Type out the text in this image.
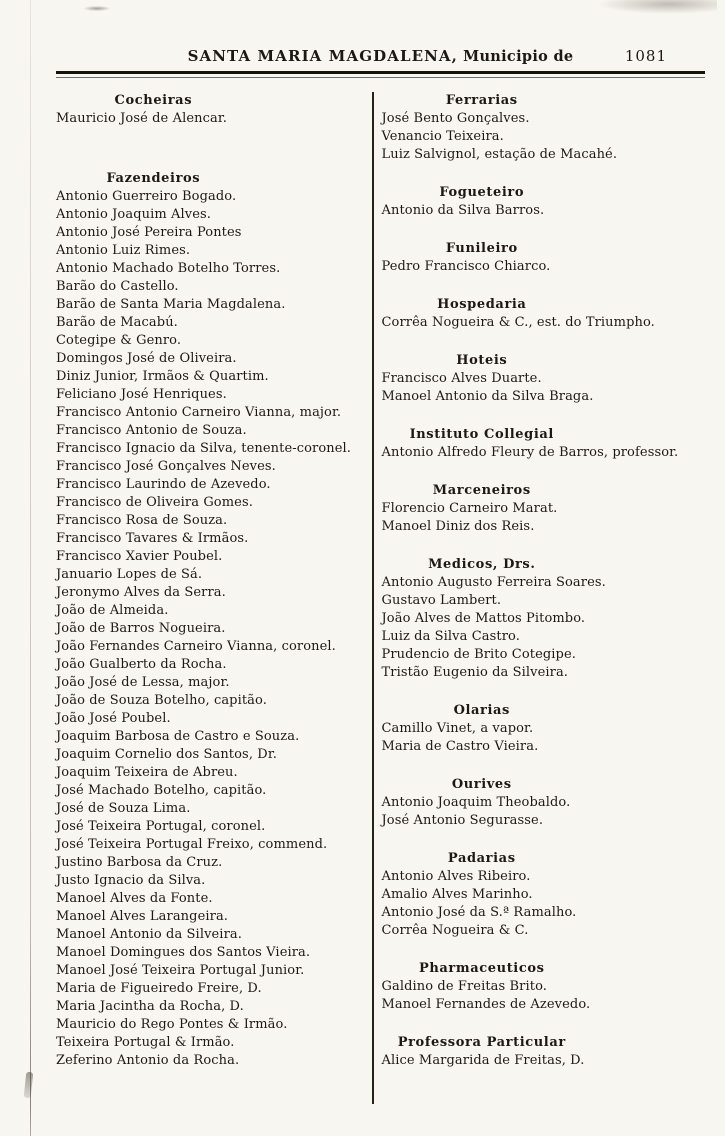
SANTA MARIA MAGDALENA, Municipio de	1081
Cocheiras

Mauricio José de Alencar.

Fazendeiros

Antonio Guerreiro Bogado.

Antonio Joaquim Alves.

Antonio José Pereira Pontes

Antonio Luiz Rimes.

Antonio Machado Botelho Torres.

Barão do Castello.

Barão de Santa Maria Magdalena.

Barão de Macabú.

Cotegipe & Genro.

Domingos José de Oliveira.

Diniz Junior, Irmãos & Quartim.

Feliciano José Henriques.

Francisco Antonio Carneiro Vianna, major.

Francisco Antonio de Souza.

Francisco Ignacio da Silva, tenente-coronel.

Francisco José Gonçalves Neves.

Francisco Laurindo de Azevedo.

Francisco de Oliveira Gomes.

Francisco Rosa de Souza.

Francisco Tavares & Irmãos.

Francisco Xavier Poubel.

Januario Lopes de Sá.

Jeronymo Alves da Serra.

João de Almeida.

João de Barros Nogueira.

João Fernandes Carneiro Vianna, coronel.

João Gualberto da Rocha.

João José de Lessa, major.

João de Souza Botelho, capitão.

João José Poubel.

Joaquim Barbosa de Castro e Souza.

Joaquim Cornelio dos Santos, Dr.

Joaquim Teixeira de Abreu.

José Machado Botelho, capitão.

José de Souza Lima.

José Teixeira Portugal, coronel.

José Teixeira Portugal Freixo, commend.

Justino Barbosa da Cruz.

Justo Ignacio da Silva.

Manoel Alves da Fonte.

Manoel Alves Larangeira.

Manoel Antonio da Silveira.

Manoel Domingues dos Santos Vieira.

Manoel José Teixeira Portugal Junior.

Maria de Figueiredo Freire, D.

Maria Jacintha da Rocha, D.

Mauricio do Rego Pontes & Irmão.

Teixeira Portugal & Irmão.

Zeferino Antonio da Rocha.

Ferrarias

José Bento Gonçalves.

Venancio Teixeira.

Luiz Salvignol, estação de Macahé.

Fogueteiro

Antonio da Silva Barros.

Funileiro

Pedro Francisco Chiarco.

Hospedaria

Corrêa Nogueira & C., est. do Triumpho.

Hoteis

Francisco Alves Duarte.

Manoel Antonio da Silva Braga.

Instituto Collegial

Antonio Alfredo Fleury de Barros, professor.

Marceneiros

Florencio Carneiro Marat.

Manoel Diniz dos Reis.

Medicos, Drs.

Antonio Augusto Ferreira Soares.

Gustavo Lambert.

João Alves de Mattos Pitombo.

Luiz da Silva Castro.

Prudencio de Brito Cotegipe.

Tristão Eugenio da Silveira.

Olarias

Camillo Vinet, a vapor.

Maria de Castro Vieira.

Ourives

Antonio Joaquim Theobaldo.

José Antonio Segurasse.

Padarias

Antonio Alves Ribeiro.

Amalio Alves Marinho.

Antonio José da S.ª Ramalho.

Corrêa Nogueira & C.

Pharmaceuticos

Galdino de Freitas Brito.

Manoel Fernandes de Azevedo.

Professora Particular

Alice Margarida de Freitas, D.
